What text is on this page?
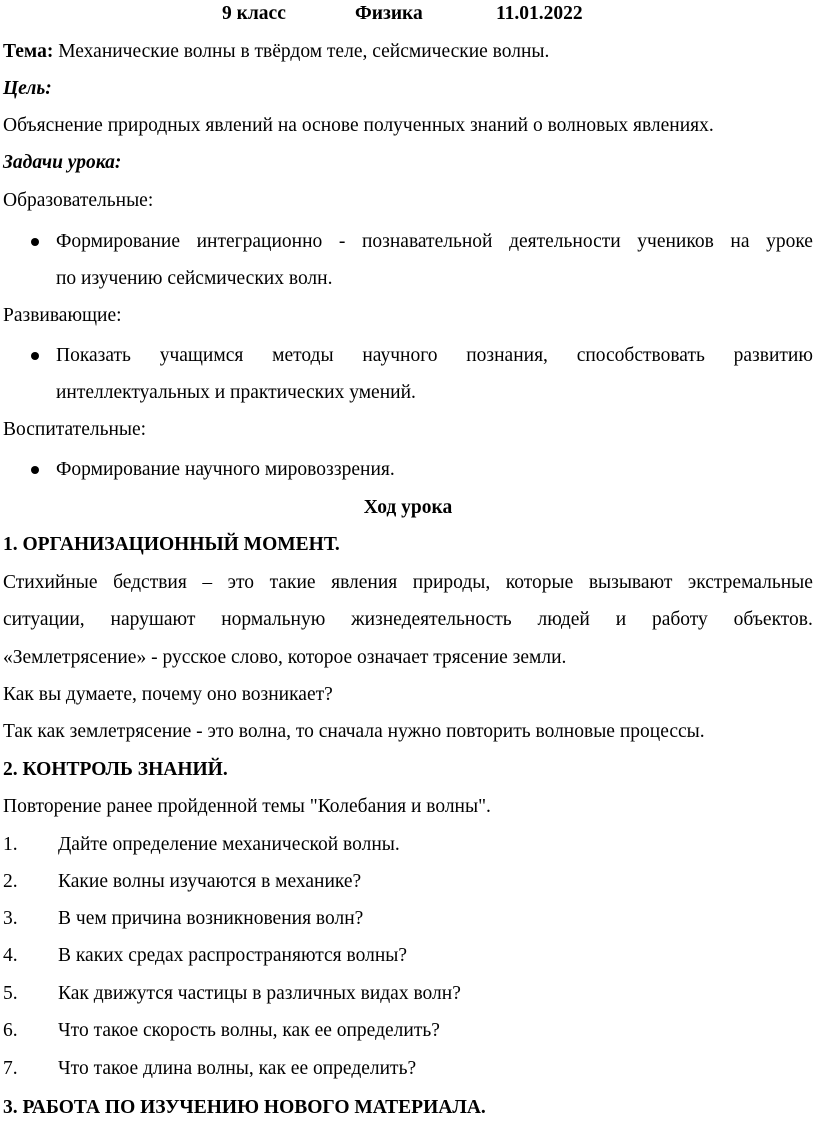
9 класс	Физика	11.01.2022
Тема: Механические волны в твёрдом теле, сейсмические волны.
Цель:
Объяснение природных явлений на основе полученных знаний о волновых явлениях.
Задачи урока:
Образовательные:
Формирование интеграционно - познавательной деятельности учеников на уроке
по изучению сейсмических волн.
Развивающие:
Показать учащимся методы научного познания, способствовать развитию
интеллектуальных и практических умений.
Воспитательные:
Формирование научного мировоззрения.
Ход урока
1. ОРГАНИЗАЦИОННЫЙ МОМЕНТ.
Стихийные бедствия – это такие явления природы, которые вызывают экстремальные
ситуации, нарушают нормальную жизнедеятельность людей и работу объектов.
«Землетрясение» - русское слово, которое означает трясение земли.
Как вы думаете, почему оно возникает?
Так как землетрясение - это волна, то сначала нужно повторить волновые процессы.
2. КОНТРОЛЬ ЗНАНИЙ.
Повторение ранее пройденной темы "Колебания и волны".
1. Дайте определение механической волны.
2. Какие волны изучаются в механике?
3. В чем причина возникновения волн?
4. В каких средах распространяются волны?
5. Как движутся частицы в различных видах волн?
6. Что такое скорость волны, как ее определить?
7. Что такое длина волны, как ее определить?
3. РАБОТА ПО ИЗУЧЕНИЮ НОВОГО МАТЕРИАЛА.
